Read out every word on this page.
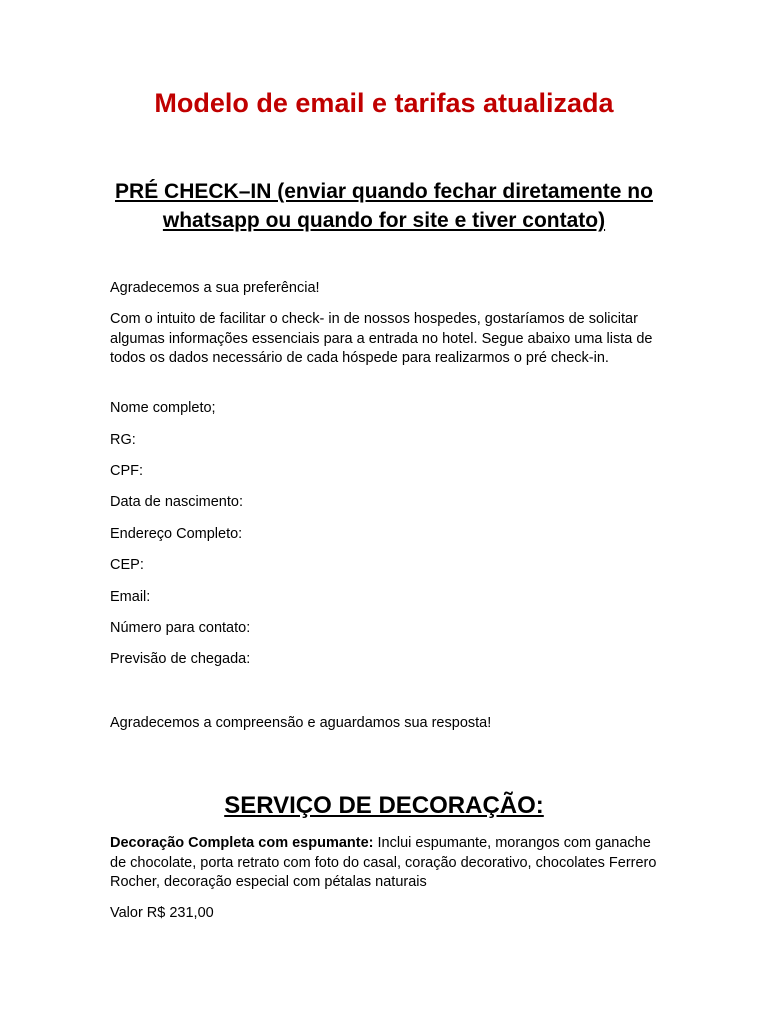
Modelo de email e tarifas atualizada
PRÉ CHECK–IN (enviar quando fechar diretamente no whatsapp ou quando for site e tiver contato)

Agradecemos a sua preferência!

Com o intuito de facilitar o check- in de nossos hospedes, gostaríamos de solicitar algumas informações essenciais para a entrada no hotel. Segue abaixo uma lista de todos os dados necessário de cada hóspede para realizarmos o pré check-in.

Nome completo;

RG:

CPF:

Data de nascimento:

Endereço Completo:

CEP:

Email:

Número para contato:

Previsão de chegada:

Agradecemos a compreensão e aguardamos sua resposta!

SERVIÇO DE DECORAÇÃO:

Decoração Completa com espumante: Inclui espumante, morangos com ganache de chocolate, porta retrato com foto do casal, coração decorativo, chocolates Ferrero Rocher, decoração especial com pétalas naturais

Valor R$ 231,00
